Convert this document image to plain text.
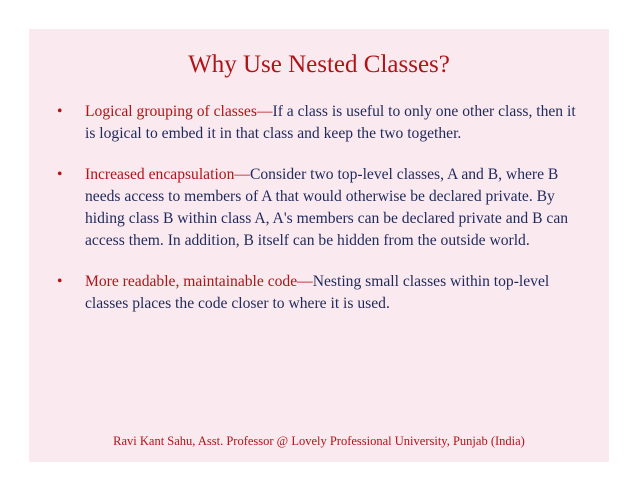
Why Use Nested Classes?
• Logical grouping of classes—If a class is useful to only one other class, then it is logical to embed it in that class and keep the two together.
• Increased encapsulation—Consider two top-level classes, A and B, where B needs access to members of A that would otherwise be declared private. By hiding class B within class A, A's members can be declared private and B can access them. In addition, B itself can be hidden from the outside world.
• More readable, maintainable code—Nesting small classes within top-level classes places the code closer to where it is used.
Ravi Kant Sahu, Asst. Professor @ Lovely Professional University, Punjab (India)
